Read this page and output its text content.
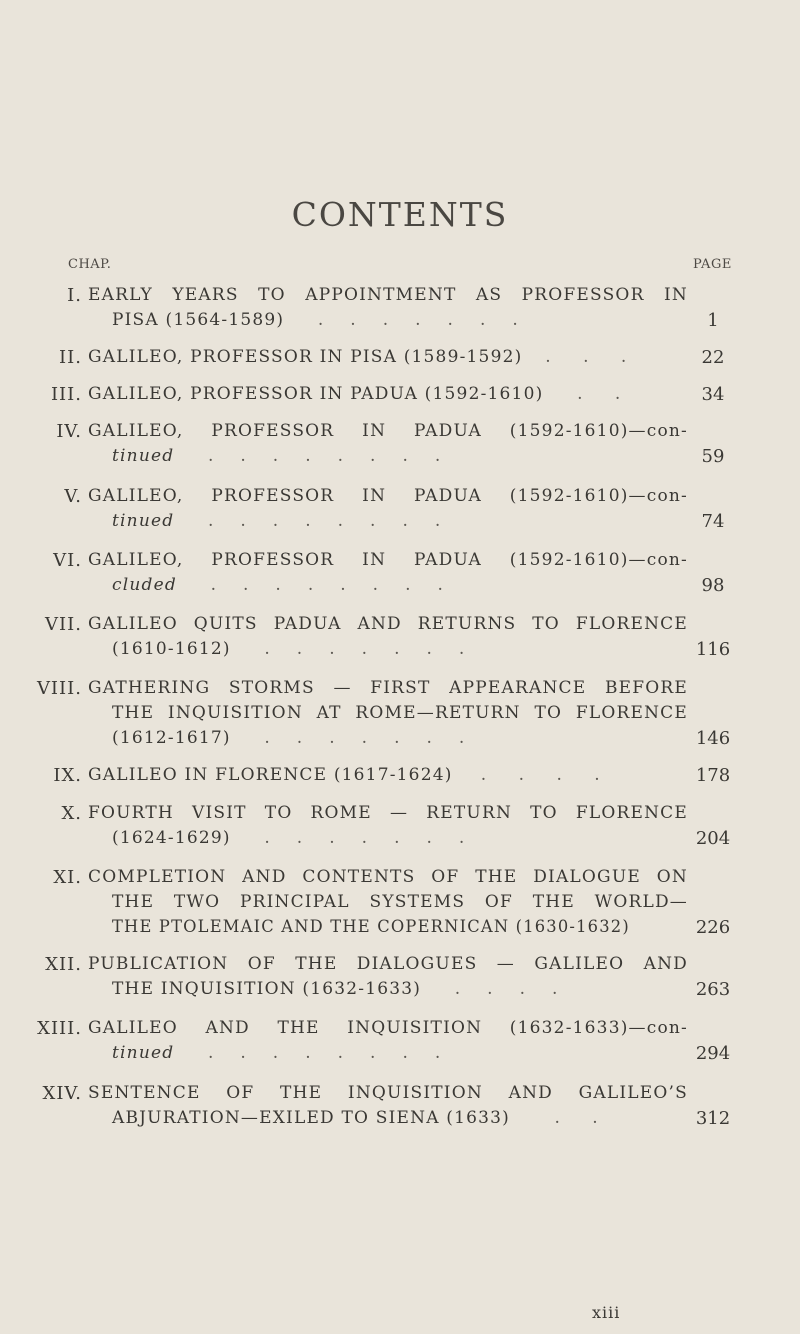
CONTENTS
CHAP.	PAGE
I. EARLY YEARS TO APPOINTMENT AS PROFESSOR IN
PISA (1564-1589)      .     .     .     .     .     .     .	1
II. GALILEO, PROFESSOR IN PISA (1589-1592)    .      .      .	22
III. GALILEO, PROFESSOR IN PADUA (1592-1610)      .      .	34
IV. GALILEO, PROFESSOR IN PADUA (1592-1610)—con-
tinued      .     .     .     .     .     .     .     .	59
V. GALILEO, PROFESSOR IN PADUA (1592-1610)—con-
tinued      .     .     .     .     .     .     .     .	74
VI. GALILEO, PROFESSOR IN PADUA (1592-1610)—con-
cluded      .     .     .     .     .     .     .     .	98
VII. GALILEO QUITS PADUA AND RETURNS TO FLORENCE
(1610-1612)      .     .     .     .     .     .     .	116
VIII. GATHERING STORMS — FIRST APPEARANCE BEFORE
THE INQUISITION AT ROME—RETURN TO FLORENCE
(1612-1617)      .     .     .     .     .     .     .	146
IX. GALILEO IN FLORENCE (1617-1624)     .      .      .      .	178
X. FOURTH VISIT TO ROME — RETURN TO FLORENCE
(1624-1629)      .     .     .     .     .     .     .	204
XI. COMPLETION AND CONTENTS OF THE DIALOGUE ON
THE TWO PRINCIPAL SYSTEMS OF THE WORLD—
THE PTOLEMAIC AND THE COPERNICAN (1630-1632)	226
XII. PUBLICATION OF THE DIALOGUES — GALILEO AND
THE INQUISITION (1632-1633)      .     .     .     .	263
XIII. GALILEO AND THE INQUISITION (1632-1633)—con-
tinued      .     .     .     .     .     .     .     .	294
XIV. SENTENCE OF THE INQUISITION AND GALILEO’S
ABJURATION—EXILED TO SIENA (1633)        .      .	312
xiii
